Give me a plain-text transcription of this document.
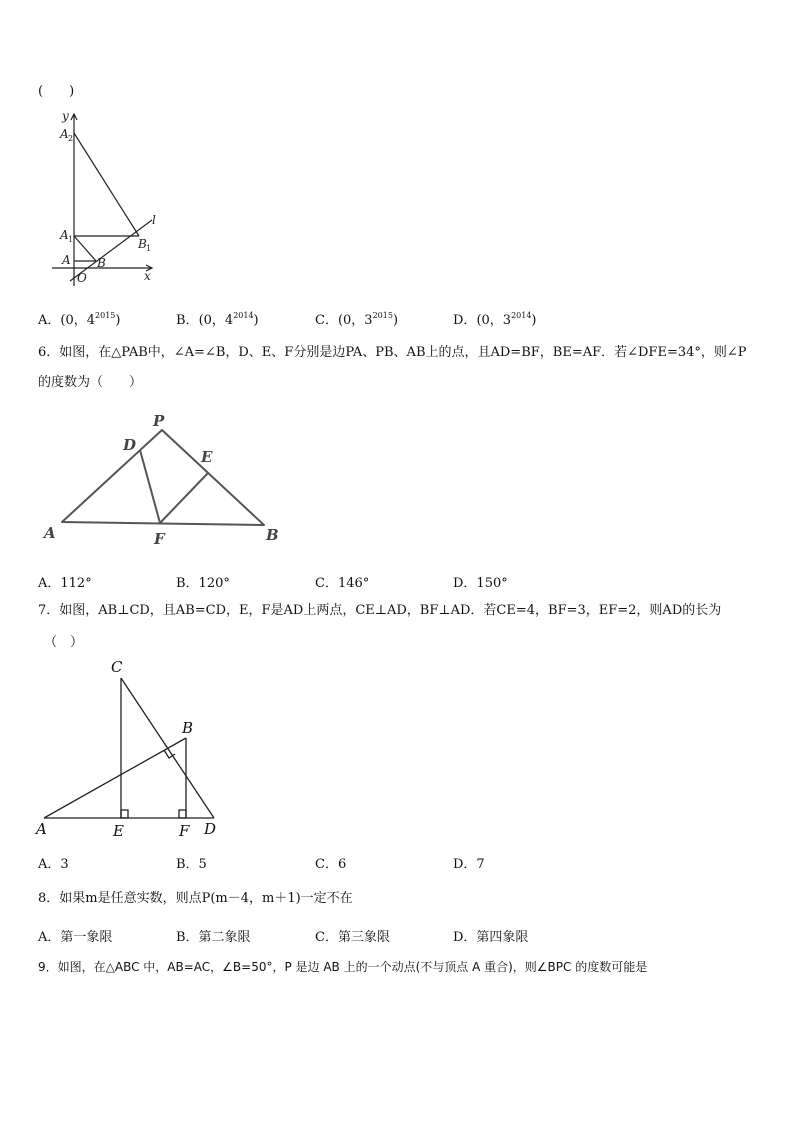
(　　)
y
A 2
A 1
A B
B 1
O	x
l
A．(0，$4^{2015}$)	B．(0，$4^{2014}$)	C．(0，$3^{2015}$)	D．(0，$3^{2014}$)
6．如图，在△PAB中，∠A=∠B，D、E、F分别是边PA、PB、AB上的点，且AD=BF，BE=AF．若∠DFE=34°，则∠P
的度数为（　　）
P
D
E
A	F	B
A．112°	B．120°	C．146°	D．150°
7．如图，AB⊥CD，且AB=CD，E，F是AD上两点，CE⊥AD，BF⊥AD．若CE=4，BF=3，EF=2，则AD的长为
（　）
C
B
A	E	F D
A．3	B．5	C．6	D．7
8．如果m是任意实数，则点P(m－4，m＋1)一定不在
A．第一象限	B．第二象限	C．第三象限	D．第四象限
9．如图，在△ABC 中，AB=AC，∠B=50°，P 是边 AB 上的一个动点(不与顶点 A 重合)，则∠BPC 的度数可能是
